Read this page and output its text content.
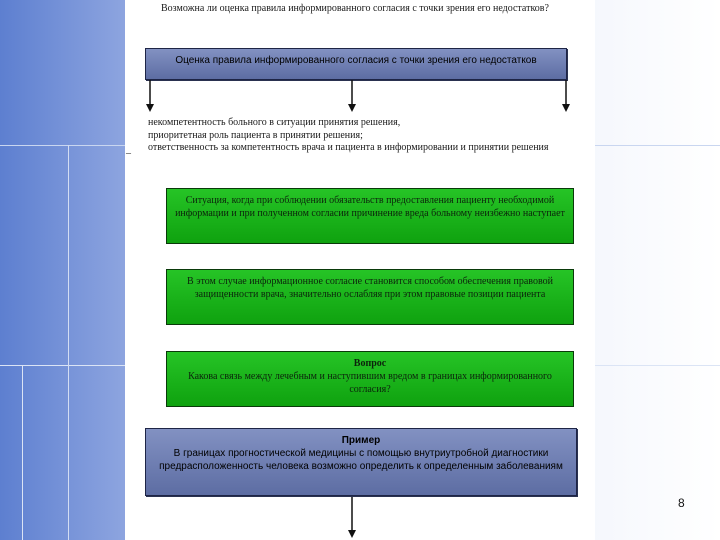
Возможна ли оценка правила информированного согласия с точки зрения его недостатков?
Оценка правила информированного согласия с точки зрения его недостатков
–
некомпетентность больного в ситуации принятия решения,
приоритетная роль пациента в принятии решения;
ответственность за компетентность врача и пациента в информировании и принятии решения
Ситуация, когда при соблюдении обязательств предоставления пациенту необходимой информации и при полученном согласии причинение вреда больному неизбежно наступает
В этом случае информационное согласие становится способом обеспечения правовой защищенности врача, значительно ослабляя при этом правовые позиции пациента
Вопрос
Какова связь между лечебным и наступившим вредом в границах информированного согласия?
Пример
В границах прогностической медицины с помощью внутриутробной диагностики предрасположенность человека возможно определить к определенным заболеваниям
8
